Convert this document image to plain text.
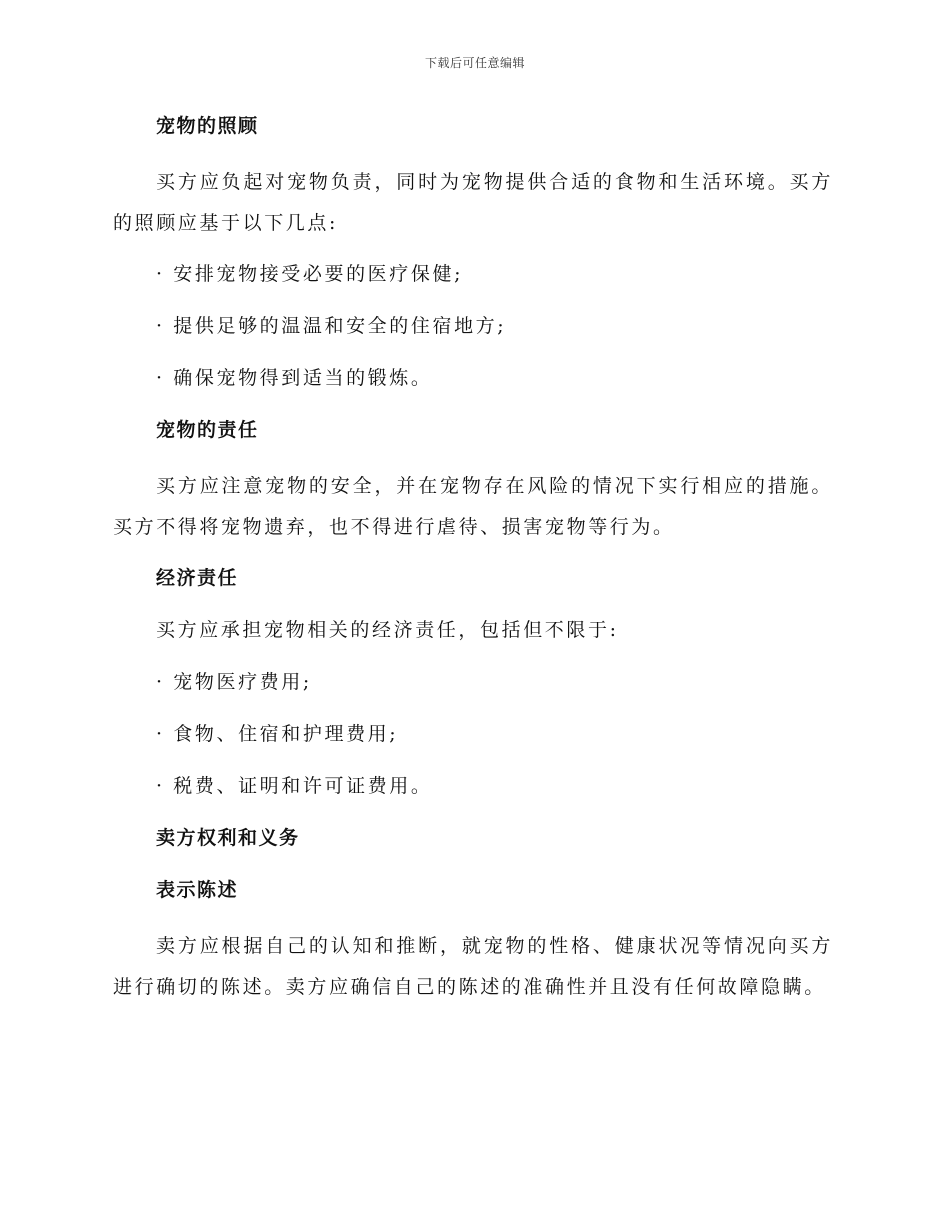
下载后可任意编辑
宠物的照顾

买方应负起对宠物负责，同时为宠物提供合适的食物和生活环境。买方的照顾应基于以下几点:

· 安排宠物接受必要的医疗保健;

· 提供足够的温温和安全的住宿地方;

· 确保宠物得到适当的锻炼。

宠物的责任

买方应注意宠物的安全，并在宠物存在风险的情况下实行相应的措施。买方不得将宠物遗弃，也不得进行虐待、损害宠物等行为。

经济责任

买方应承担宠物相关的经济责任，包括但不限于:

· 宠物医疗费用;

· 食物、住宿和护理费用;

· 税费、证明和许可证费用。

卖方权利和义务
表示陈述

卖方应根据自己的认知和推断，就宠物的性格、健康状况等情况向买方进行确切的陈述。卖方应确信自己的陈述的准确性并且没有任何故障隐瞒。
